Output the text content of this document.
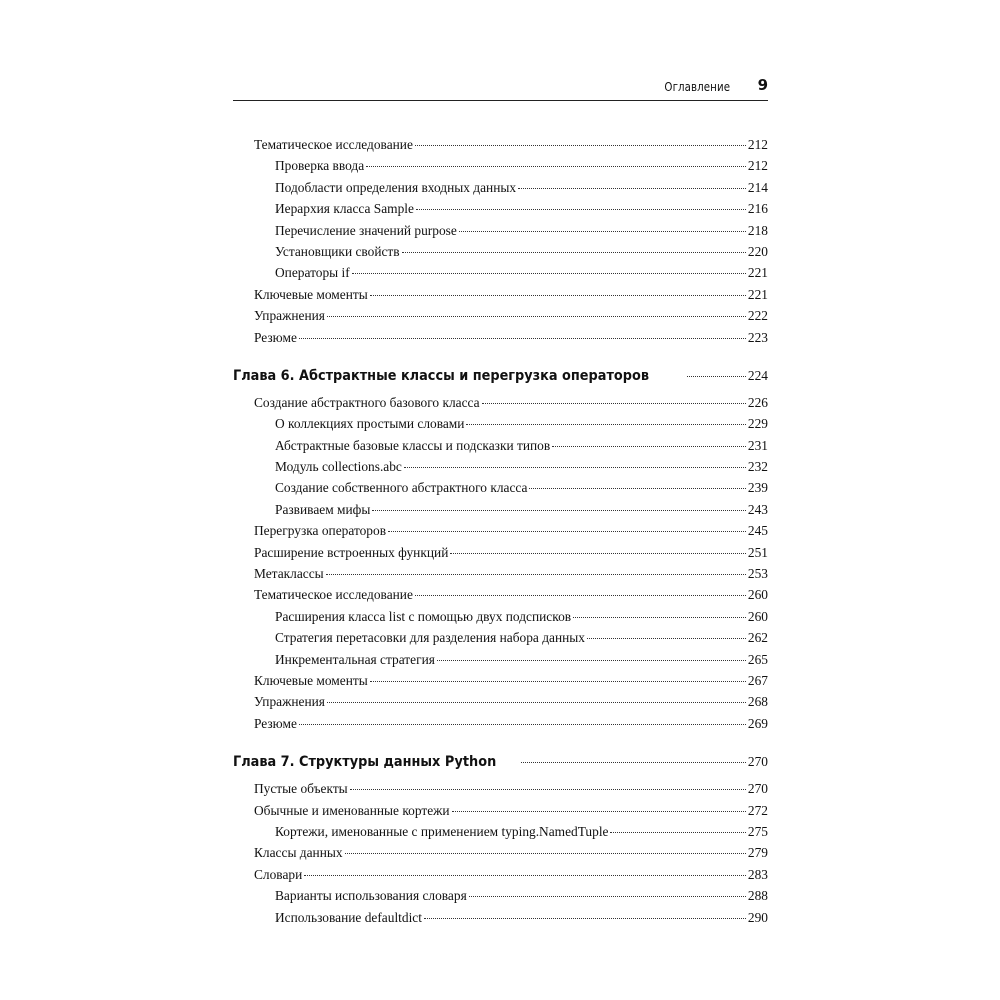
Оглавление 9
Тематическое исследование	212
Проверка ввода	212
Подобласти определения входных данных	214
Иерархия класса Sample	216
Перечисление значений purpose	218
Установщики свойств	220
Операторы if	221
Ключевые моменты	221
Упражнения	222
Резюме	223
Глава 6. Абстрактные классы и перегрузка операторов	224
Создание абстрактного базового класса	226
О коллекциях простыми словами	229
Абстрактные базовые классы и подсказки типов	231
Модуль collections.abc	232
Создание собственного абстрактного класса	239
Развиваем мифы	243
Перегрузка операторов	245
Расширение встроенных функций	251
Метаклассы	253
Тематическое исследование	260
Расширения класса list с помощью двух подсписков	260
Стратегия перетасовки для разделения набора данных	262
Инкрементальная стратегия	265
Ключевые моменты	267
Упражнения	268
Резюме	269
Глава 7. Структуры данных Python	270
Пустые объекты	270
Обычные и именованные кортежи	272
Кортежи, именованные с применением typing.NamedTuple	275
Классы данных	279
Словари	283
Варианты использования словаря	288
Использование defaultdict	290
